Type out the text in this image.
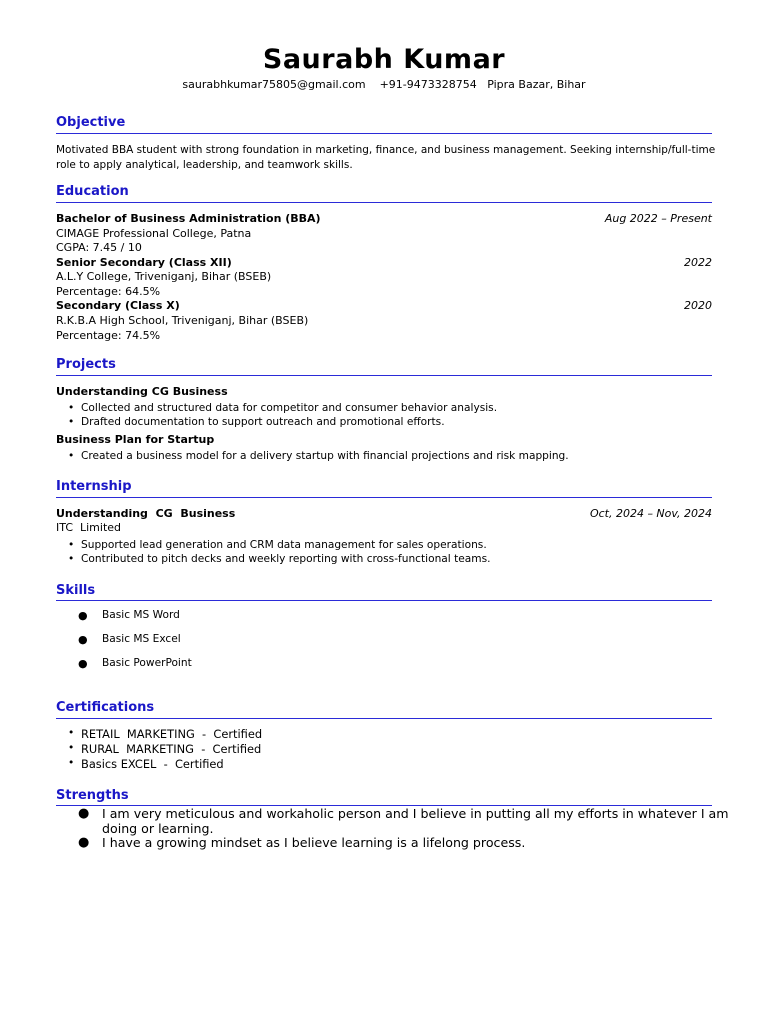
Saurabh Kumar
saurabhkumar75805@gmail.com    +91-9473328754   Pipra Bazar, Bihar
Objective
Motivated BBA student with strong foundation in marketing, finance, and business management. Seeking internship/full-time role to apply analytical, leadership, and teamwork skills.
Education
Bachelor of Business Administration (BBA)	Aug 2022 – Present
CIMAGE Professional College, Patna
CGPA: 7.45 / 10
Senior Secondary (Class XII)	2022
A.L.Y College, Triveniganj, Bihar (BSEB)
Percentage: 64.5%
Secondary (Class X)	2020
R.K.B.A High School, Triveniganj, Bihar (BSEB)
Percentage: 74.5%
Projects
Understanding CG Business
• Collected and structured data for competitor and consumer behavior analysis.
• Drafted documentation to support outreach and promotional efforts.
Business Plan for Startup
• Created a business model for a delivery startup with financial projections and risk mapping.
Internship
Understanding  CG  Business	Oct, 2024 – Nov, 2024
ITC  Limited
• Supported lead generation and CRM data management for sales operations.
• Contributed to pitch decks and weekly reporting with cross-functional teams.
Skills
● Basic MS Word
● Basic MS Excel
● Basic PowerPoint
Certifications
• RETAIL  MARKETING  -  Certified
• RURAL  MARKETING  -  Certified
• Basics EXCEL  -  Certified
Strengths
● I am very meticulous and workaholic person and I believe in putting all my efforts in whatever I am doing or learning.
● I have a growing mindset as I believe learning is a lifelong process.
